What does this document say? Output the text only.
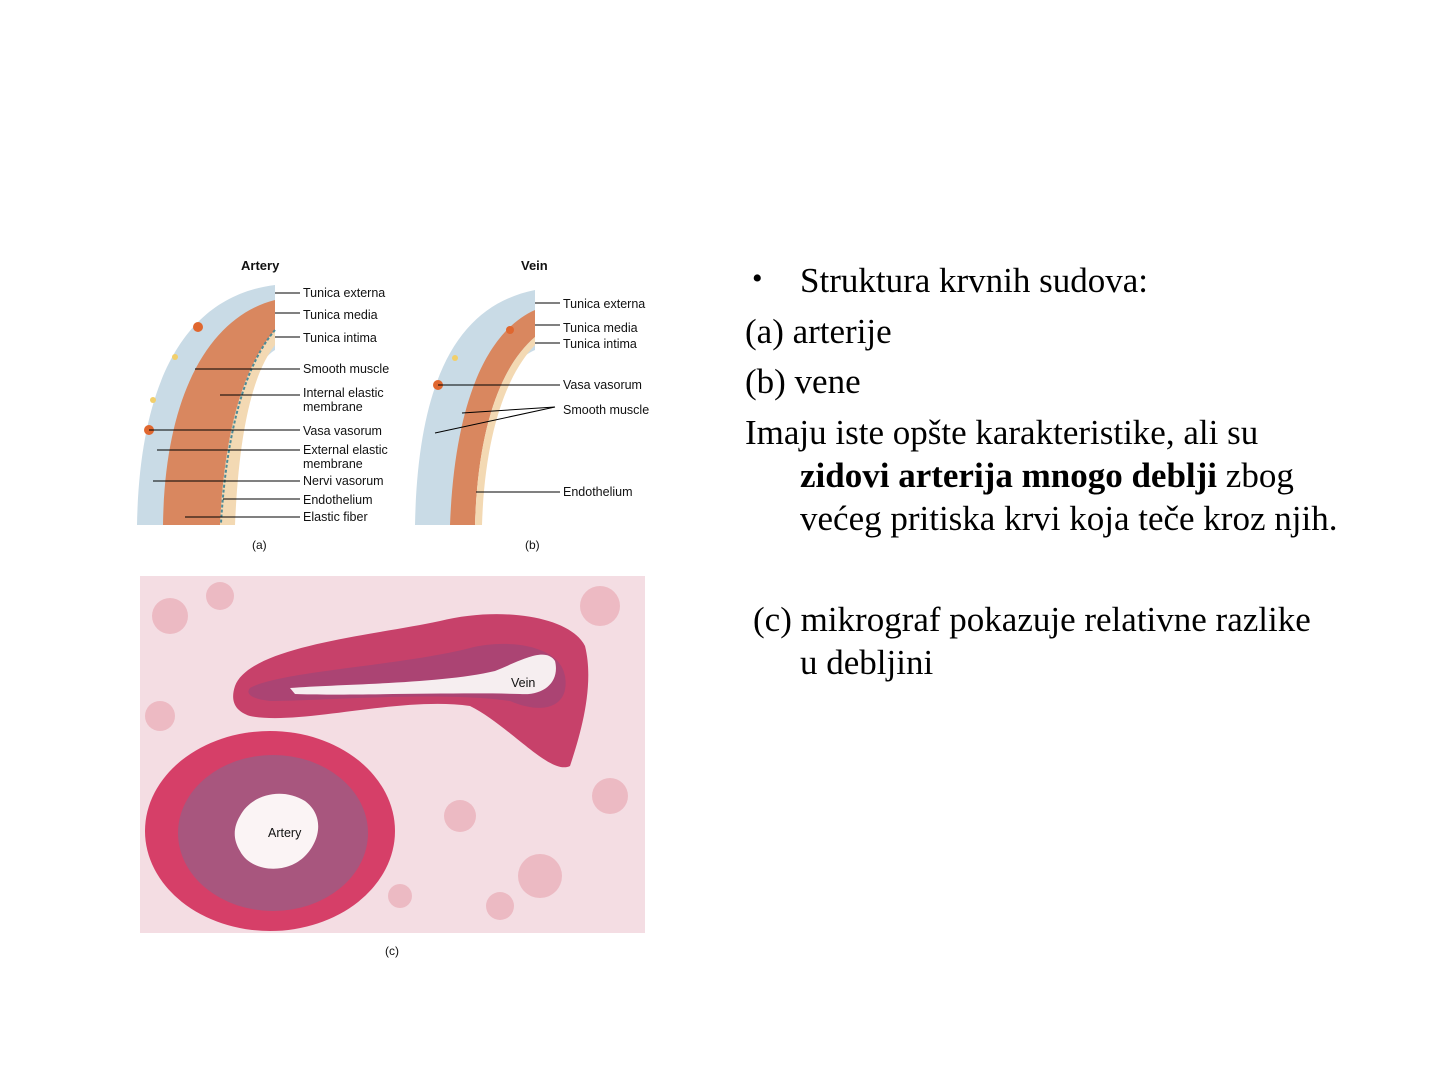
Artery
Tunica externa
Tunica media
Tunica intima
Smooth muscle
Internal elastic
membrane
Vasa vasorum
External elastic
membrane
Nervi vasorum
Endothelium
Elastic fiber
(a)
Vein
Tunica externa
Tunica media
Tunica intima
Vasa vasorum
Smooth muscle
Endothelium
(b)
Vein
Artery
(c)
• Struktura krvnih sudova:
(a) arterije
(b) vene
Imaju iste opšte karakteristike, ali su
zidovi arterija mnogo deblji zbog
većeg pritiska krvi koja teče kroz njih.
(c) mikrograf pokazuje relativne razlike
u debljini
